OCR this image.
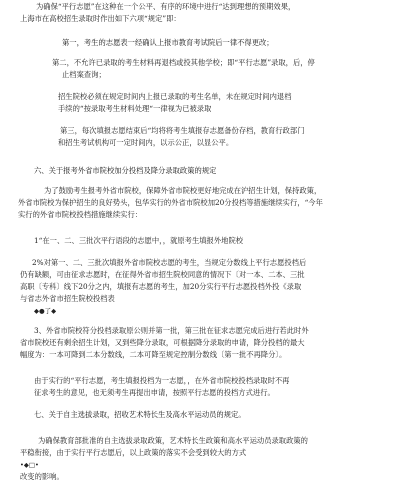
为确保“平行志愿”在这种在一个公平、有序的环境中进行“达到理想的预期效果，

上海市在高校招生录取时作出如下六项“规定”即：

第一，考生的志愿表一经确认上报市教育考试院后一律不得更改；

第二，不允许已录取的考生材料再退档或投其他学校；即“平行志愿”录取，后，停

止档案查询；

招生院校必须在规定时间内上报已录取的考生名单，未在规定时间内退档

手续的“按录取考生材料处理“一律视为已被录取

第三，每次填报志愿结束后“均将将考生填报存志愿备份存档，教育行政部门

和招生考试机构可一定时间内，以示公正，以显公平。

六、关于报考外省市院校加分投档及降分录取政策的规定

为了鼓励考生报考外省市院校，保障外省市院校更好地完成在沪招生计划，保持政策，

外省市院校为保护招生的良好势头，包华实行的外省市院校加20分投档等措施继续实行，“今年

实行的外省市院校投档措施继续实行：

1“在一、二、三批次平行语段的志愿中，，就原考生填报外地院校

2%对第一、二、三批次填报外省市院校志愿的考生，当规定分数线上平行志愿投档后

仍有缺额，可由征求志愿时，在征得外省市招生院校同意的情况下〔对一本、二本、三批

高职〔专科〕线下20分之内，填报有志愿的考生，加20分实行平行志愿投档外投《录取

与省志外省市招生院校投档表

◆●了◆

3、外省市院校符分投档录取原公则并第一批，第三批在征求志愿完成后进行若此时外

省市院校还有剩余招生计划，又到些降分录取，可根据降分录取的申请，降分投档的最大

幅度为：一本可降到二本分数线，二本可降至规定控制分数线〔第一批不再降分〕。

由于实行的“平行志愿，考生填报投档为一志愿，，在外省市院校投档录取时不再

征求考生的意见，也无须考生再提出申请，按照平行志愿的投档方式进行。

七、关于自主选拔录取，招收艺术特长生及高水平运动员的规定。

为确保教育部批准的自主选拔录取政策，艺术特长生政策和高水平运动员录取政策的

平稳衔接，由于实行平行志愿后，以上政策的落实不会受到较大的方式

•◆□•

改变的影响。
